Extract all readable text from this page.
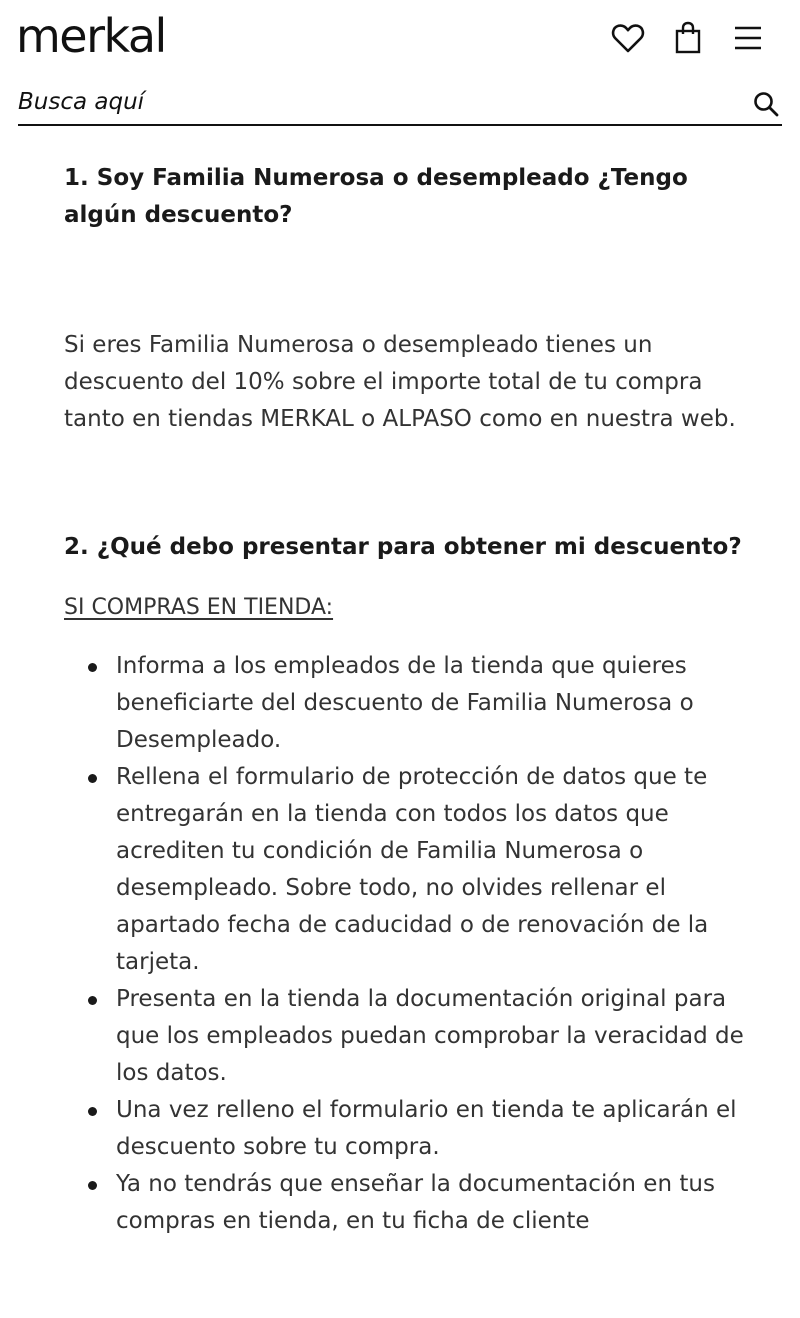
merkal
Busca aquí
1. Soy Familia Numerosa o desempleado ¿Tengo algún descuento?

Si eres Familia Numerosa o desempleado tienes un descuento del 10% sobre el importe total de tu compra tanto en tiendas MERKAL o ALPASO como en nuestra web.

2. ¿Qué debo presentar para obtener mi descuento?
SI COMPRAS EN TIENDA:
Informa a los empleados de la tienda que quieres beneficiarte del descuento de Familia Numerosa o Desempleado.
Rellena el formulario de protección de datos que te entregarán en la tienda con todos los datos que acrediten tu condición de Familia Numerosa o desempleado. Sobre todo, no olvides rellenar el apartado fecha de caducidad o de renovación de la tarjeta.
Presenta en la tienda la documentación original para que los empleados puedan comprobar la veracidad de los datos.
Una vez relleno el formulario en tienda te aplicarán el descuento sobre tu compra.
Ya no tendrás que enseñar la documentación en tus compras en tienda, en tu ficha de cliente
